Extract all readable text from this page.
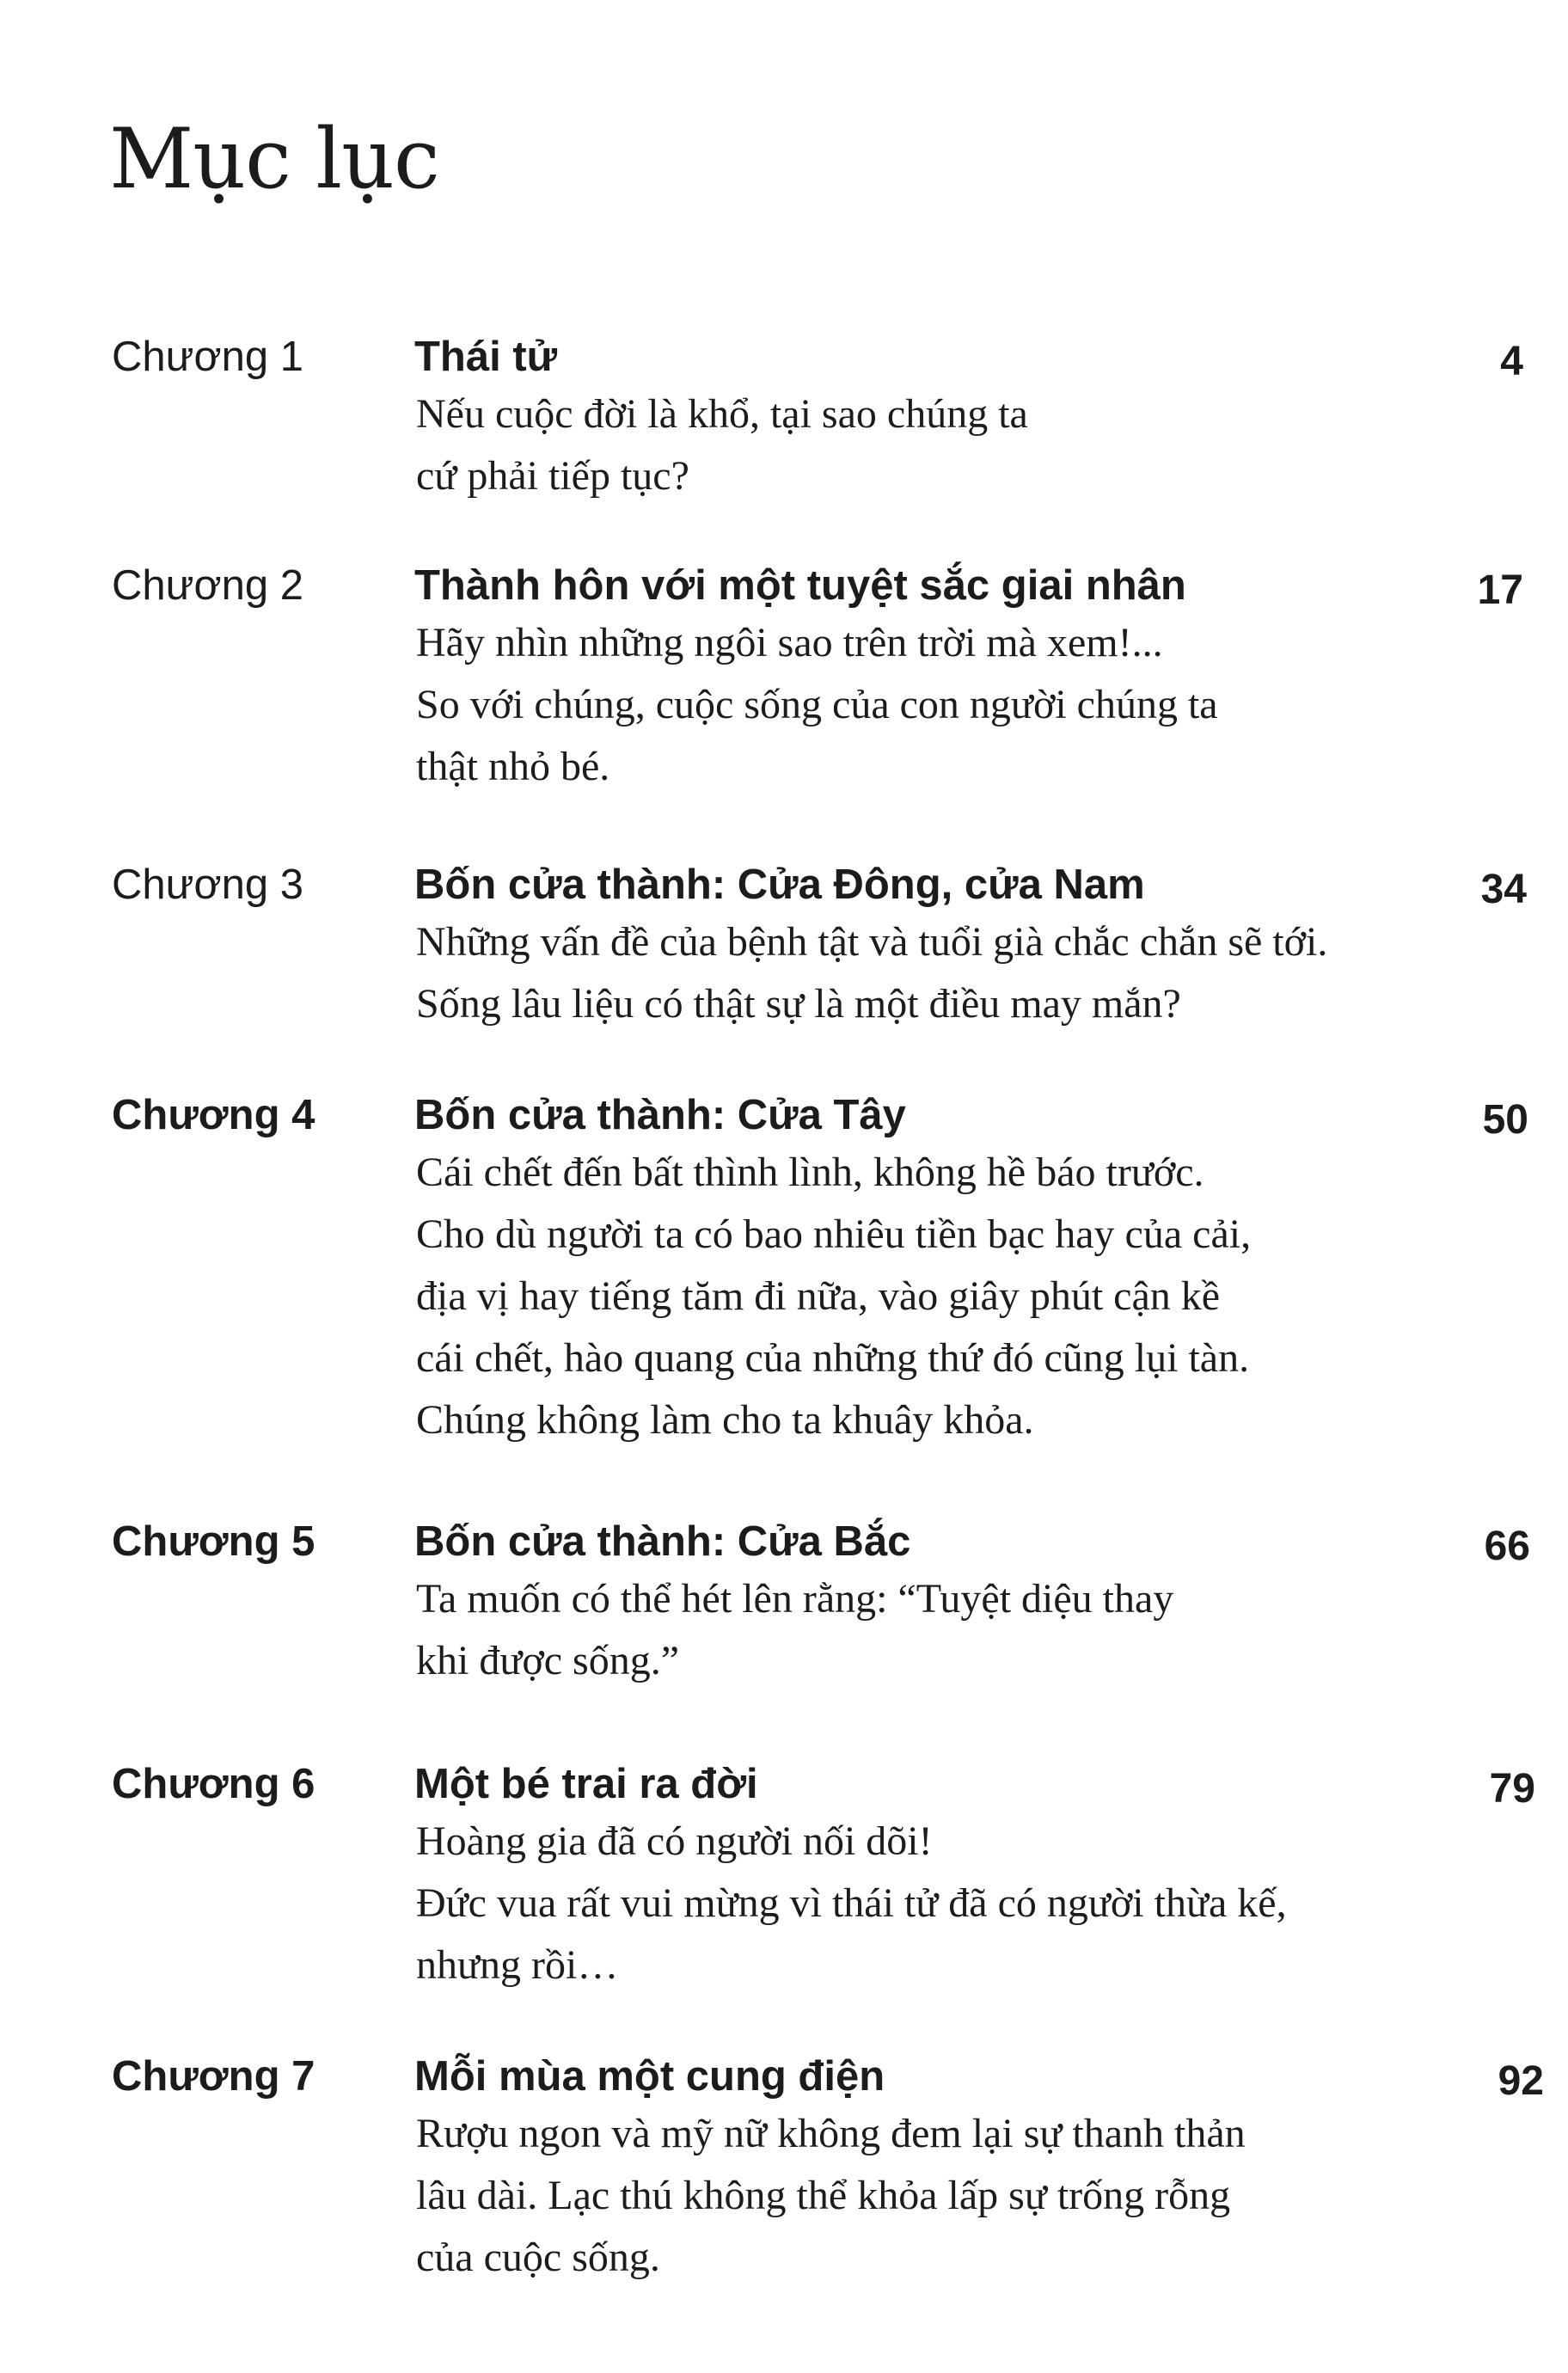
Mục lục
Chương 1	Thái tử	4
Nếu cuộc đời là khổ, tại sao chúng ta
cứ phải tiếp tục?
Chương 2	Thành hôn với một tuyệt sắc giai nhân	17
Hãy nhìn những ngôi sao trên trời mà xem!...
So với chúng, cuộc sống của con người chúng ta
thật nhỏ bé.
Chương 3	Bốn cửa thành: Cửa Đông, cửa Nam	34
Những vấn đề của bệnh tật và tuổi già chắc chắn sẽ tới.
Sống lâu liệu có thật sự là một điều may mắn?
Chương 4 Bốn cửa thành: Cửa Tây	50
Cái chết đến bất thình lình, không hề báo trước.
Cho dù người ta có bao nhiêu tiền bạc hay của cải,
địa vị hay tiếng tăm đi nữa, vào giây phút cận kề
cái chết, hào quang của những thứ đó cũng lụi tàn.
Chúng không làm cho ta khuây khỏa.
Chương 5 Bốn cửa thành: Cửa Bắc	66
Ta muốn có thể hét lên rằng: “Tuyệt diệu thay
khi được sống.”
Chương 6 Một bé trai ra đời	79
Hoàng gia đã có người nối dõi!
Đức vua rất vui mừng vì thái tử đã có người thừa kế,
nhưng rồi…
Chương 7 Mỗi mùa một cung điện	92
Rượu ngon và mỹ nữ không đem lại sự thanh thản
lâu dài. Lạc thú không thể khỏa lấp sự trống rỗng
của cuộc sống.
